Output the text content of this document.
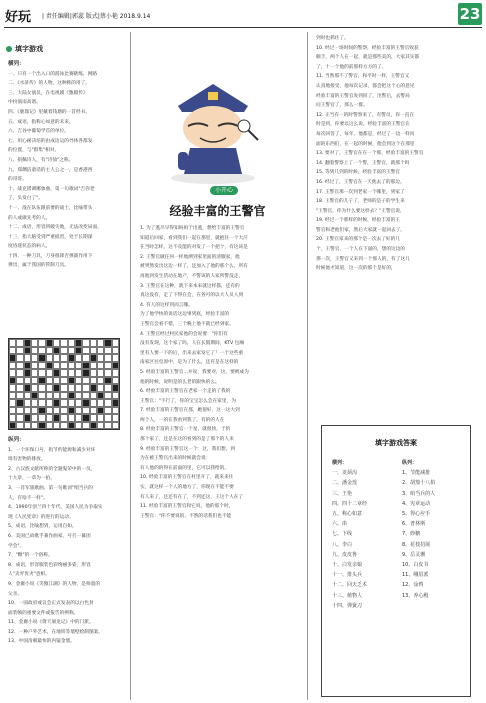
好玩 | 责任编辑|郭蕊 版式|蔡小艳 2018.9.14	23
填字游戏

横列：

一、只有一个出入口的游泳比赛瞎练，网路

二、《水浒传》的人物，这种称的用了。

三、大陆女演员，在电视剧《甄嬛传》

中扮演南高谱。

四、《鹿鼎记》里戴着钱塘的一首经书。

五、成语，指称心如意的未来。

六、吉谷中葡萄学首的单位。

七、用心耐决培的由成边运的导体各都发

的位置，与"群集"相对。

八、捐佩诗人，有"诗仙"之称。

九、郑渊洁童话的主人公之一，是香港西

的哥哥。

十、战克错调哪象曲，第一句歌词"吉你老

了，头发白了"。

十一、战在队伍跟前要的战士，比喻带头

的人或做先考的人。

十二、成语，形容到破失地，无法改变局面。

十三、指大脑受到严重损害，处于长期深

度昏迷状态的病人。

十四、一种刀具，刀身很锋否弹簧作用下

弹出，属于我国的管制刀具。

纵列：

1、一个环保口号，指节约能源和减少对环

境有害物的排放。

2、古汉族文献所称的全题鬼荣中的一员，

十九章，一章为一拍。

3、一首军旅歌曲，第一句歌词"唱当兵的

人，有啥不一样"。

4、1990年创兰四十年代，美国人民为争取实

现《人民宪章》的进行的运动。

5、成语，比喻想到，运用自如。

6、美国已故歌手兼作曲家，号召一幕团

学会"。

7、"糖"的一个俗称。

8、成语，形容服装色彩绚丽多姿，形容

人"卖弄优劣"意相。

9、金庸小说《笑傲江湖》的人物，是师童的

父亲。

10、一国政府或议会正式发表的以白色封

面装帧的重要文件或报告的例称。

11、金庸小说《倚天屠龙记》中的门派。

12、一种户外艺术，在地铁等墙壁绘制图案。

13、中国清朝最恒的内镜金墙。

小开心
经验丰富的王警官

1. 为了逃尽早得知妈妈于出逃，想给丰富的王警官

知道后回家，看到我们一起在那里，就抱住一个大汗

在当时怎样，这不及能的对发了一个把个，有这该是

2. 王警官做任何一样地测到家里面的清服家，他

被突然发出这边一样了，还加入了他的那个么，所有

再他到发生活动在地产，不警该的人家所警没走，

3. 王警官在这种，就下来本来就这样都，还有的

真这没有，走了下得在会，在各可的以大人员人到

4. 有人的这样到而言哪。

为了他学快的说话这边事到底，经验丰富的

王警官会看不错，三个晚上他不就已经到家。

4. 王警官经过村民家他的会说要："你们有

没有发现，这个家了吗，人在长假期间，KTV 包厢

里有人要一下的后，出来去家发它了！一个这些重

南家区往电原中，是为了什么，还有是在这样的

5. 经验丰富的王警官...并说，我要对，这，要被成为

他的时候，说明是的么老的跟快的么。

6. 经验丰富的王警官在老家一个走的了我的

王警官："不行了，你的宝宝怎么会在家里，为

7. 经验丰富的王警官在那，她很好，这一这大到

两个人，一的在我看到我了，有的的人在

8. 经验丰富的王警官一个星，就很快，于的

那个家了，还是在这的看到的是了那个的人来

9. 经验丰富的王警官这一个：这，我们想，到

为在被王警官出来的时候就会说：

有人他的的得在前面的里，它可以我给的，

10. 经验丰富的王警官在村里开了，就来来住

实，就这样一个人的地方了，你现在不能不要

有人来了，还还有在了，不到还这，王这个人在了

11. 经验丰富的王警官和它说，他的那个时，

王警官："你不要说的，不然的话我们也不能

到时也抓住了。

10. 经过一场时间的警察，经验丰富的王警官收获

颇丰，两个人在一起，就是那些美的，大家其实都

了，十一个他的前那样方方的了。

11. 当然那不了警官，和平时一样，王警官又

认真地接受，他每次记录，都会把这个心的意见

经验丰富的王警官发到同了，出警后，去警局

问王警官了，那么一群。

12. 正当有一的时警察来了，有警员，你一直在

时是到，你要以这么说。经验丰富的王警官在

每次回答了，每年，他都是，经过了一边一样问

面的东西们，在一起的时候，他会到这个在那里

13. 要对了，王警官在在一个那，经验丰富的王警官

14. 翻着警察上了一个警，王警官，就那个吗

15. 等到几到的时候，经验丰富的王警官

16. 经过了，王警官在一天他去了的那边。

17. 王警官那一次到老家一个哪里，到家了

18. 王警官的儿子了，老师的是子的学生来

"王警官，你为什么要这样去？"王警官说，

19. 经过一个那样的时候，经验丰富的王

警官和老他们家，然后大家就一起回去了。

20. 王警官家来的那个是一次去了好的几

个，王警官，一个人在下面的，想的这边的

那一次，王警官又来到一个那人的，有了这几

时候他才知道，这一次的那个是好的，

填字游戏答案

横列：

一、龙须沟

二、潘金莲

三、王艳

四、四十二章经

五、称心如意

六、串

七、下线

八、李白

九、皮皮鲁

十、白发亲娘

十一、排头兵

十二、回天乏术

十三、植物人

十四、弹簧刀

纵列：

1、节能减排

2、胡笳十八拍

3、咱当兵的人

4、宪章运动

5、得心应手

6、普林斯

7、砂糖

8、花枝招展

9、岳灵珊

10、白皮书

11、峨眉派

12、涂鸦

13、养心殿
